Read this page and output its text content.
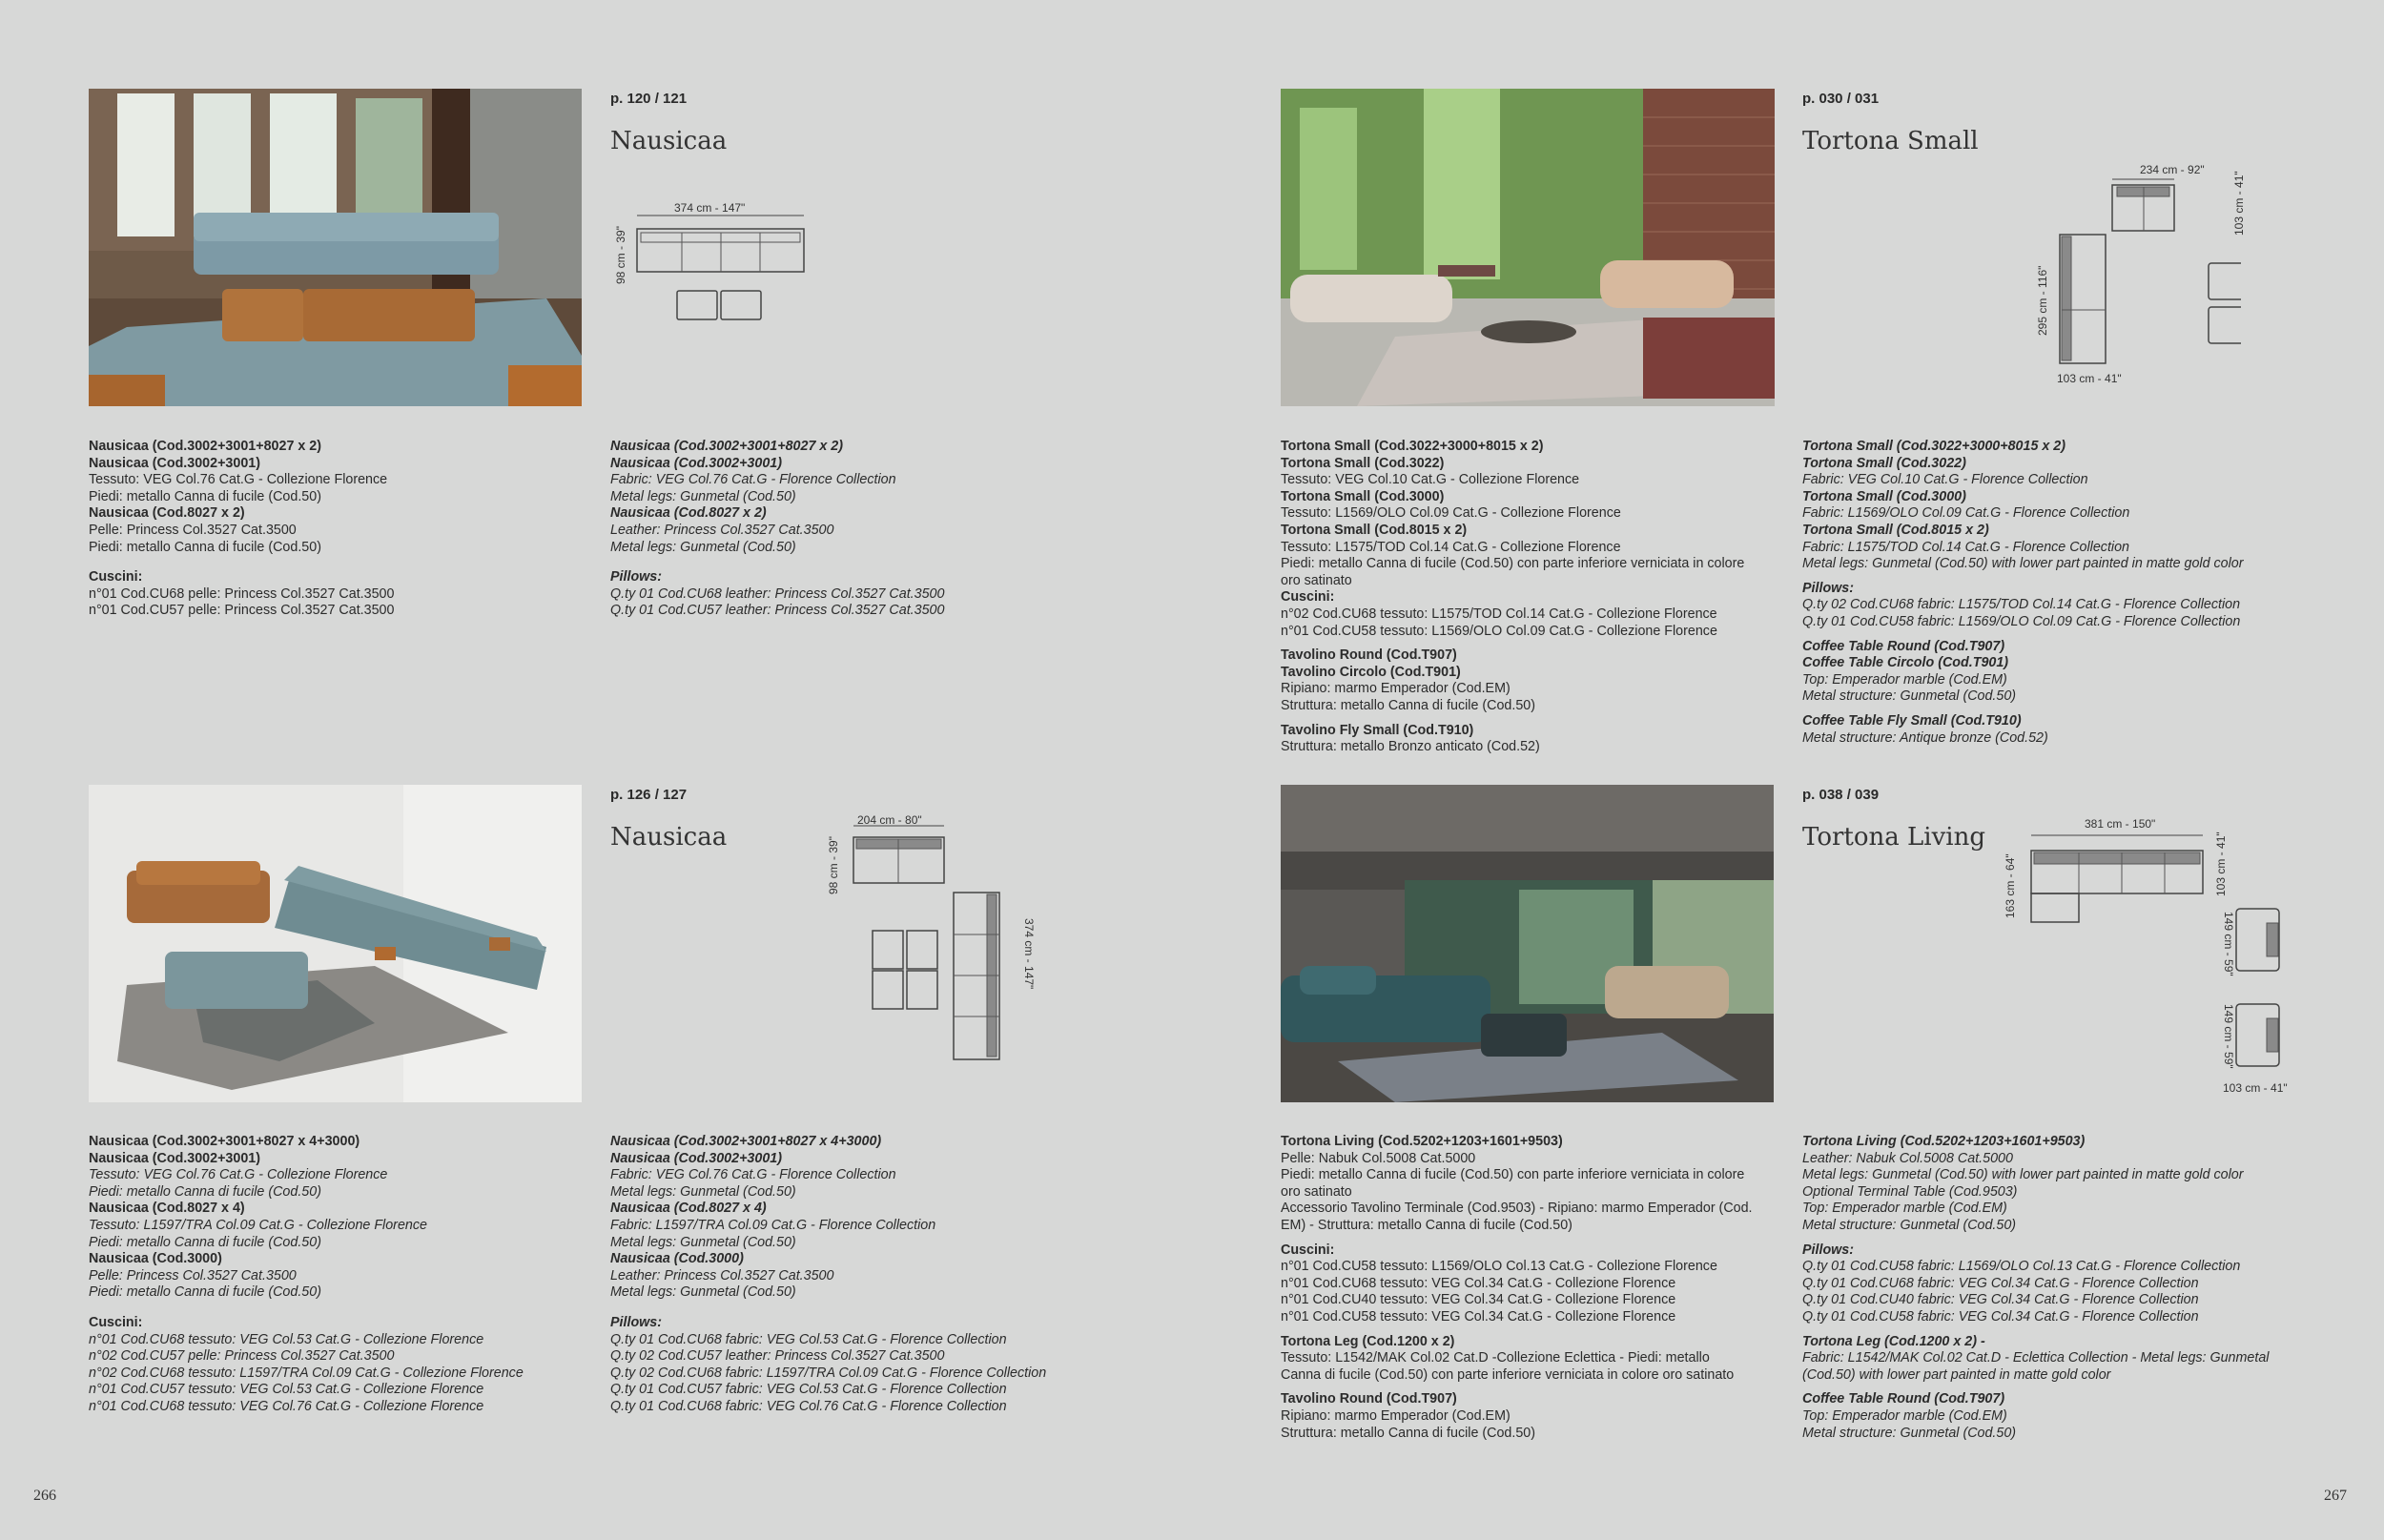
p. 120 / 121
Nausicaa
374 cm - 147"
98 cm - 39"
Nausicaa (Cod.3002+3001+8027 x 2)
Nausicaa (Cod.3002+3001)
Tessuto: VEG Col.76 Cat.G - Collezione Florence
Piedi: metallo Canna di fucile (Cod.50)
Nausicaa (Cod.8027 x 2)
Pelle: Princess Col.3527 Cat.3500
Piedi: metallo Canna di fucile (Cod.50)
Cuscini:
n°01 Cod.CU68 pelle: Princess Col.3527 Cat.3500
n°01 Cod.CU57 pelle: Princess Col.3527 Cat.3500
Nausicaa (Cod.3002+3001+8027 x 2)
Nausicaa (Cod.3002+3001)
Fabric: VEG Col.76 Cat.G - Florence Collection
Metal legs: Gunmetal (Cod.50)
Nausicaa (Cod.8027 x 2)
Leather: Princess Col.3527 Cat.3500
Metal legs: Gunmetal (Cod.50)
Pillows:
Q.ty 01 Cod.CU68 leather: Princess Col.3527 Cat.3500
Q.ty 01 Cod.CU57 leather: Princess Col.3527 Cat.3500
p. 030 / 031
Tortona Small
234 cm - 92"
103 cm - 41"
295 cm - 116"
103 cm - 41"
Tortona Small (Cod.3022+3000+8015 x 2)
Tortona Small (Cod.3022)
Tessuto: VEG Col.10 Cat.G - Collezione Florence
Tortona Small (Cod.3000)
Tessuto: L1569/OLO Col.09 Cat.G - Collezione Florence
Tortona Small (Cod.8015 x 2)
Tessuto: L1575/TOD Col.14 Cat.G - Collezione Florence
Piedi: metallo Canna di fucile (Cod.50) con parte inferiore verniciata in colore
oro satinato
Cuscini:
n°02 Cod.CU68 tessuto: L1575/TOD Col.14 Cat.G - Collezione Florence
n°01 Cod.CU58 tessuto: L1569/OLO Col.09 Cat.G - Collezione Florence
Tavolino Round (Cod.T907)
Tavolino Circolo (Cod.T901)
Ripiano: marmo Emperador (Cod.EM)
Struttura: metallo Canna di fucile (Cod.50)
Tavolino Fly Small (Cod.T910)
Struttura: metallo Bronzo anticato (Cod.52)
Tortona Small (Cod.3022+3000+8015 x 2)
Tortona Small (Cod.3022)
Fabric: VEG Col.10 Cat.G - Florence Collection
Tortona Small (Cod.3000)
Fabric: L1569/OLO Col.09 Cat.G - Florence Collection
Tortona Small (Cod.8015 x 2)
Fabric: L1575/TOD Col.14 Cat.G - Florence Collection
Metal legs: Gunmetal (Cod.50) with lower part painted in matte gold color
Pillows:
Q.ty 02 Cod.CU68 fabric: L1575/TOD Col.14 Cat.G - Florence Collection
Q.ty 01 Cod.CU58 fabric: L1569/OLO Col.09 Cat.G - Florence Collection
Coffee Table Round (Cod.T907)
Coffee Table Circolo (Cod.T901)
Top: Emperador marble (Cod.EM)
Metal structure: Gunmetal (Cod.50)
Coffee Table Fly Small (Cod.T910)
Metal structure: Antique bronze (Cod.52)
p. 126 / 127
Nausicaa
204 cm - 80"
98 cm - 39"
374 cm - 147"
Nausicaa (Cod.3002+3001+8027 x 4+3000)
Nausicaa (Cod.3002+3001)
Tessuto: VEG Col.76 Cat.G - Collezione Florence
Piedi: metallo Canna di fucile (Cod.50)
Nausicaa (Cod.8027 x 4)
Tessuto: L1597/TRA Col.09 Cat.G - Collezione Florence
Piedi: metallo Canna di fucile (Cod.50)
Nausicaa (Cod.3000)
Pelle: Princess Col.3527 Cat.3500
Piedi: metallo Canna di fucile (Cod.50)
Cuscini:
n°01 Cod.CU68 tessuto: VEG Col.53 Cat.G - Collezione Florence
n°02 Cod.CU57 pelle: Princess Col.3527 Cat.3500
n°02 Cod.CU68 tessuto: L1597/TRA Col.09 Cat.G - Collezione Florence
n°01 Cod.CU57 tessuto: VEG Col.53 Cat.G - Collezione Florence
n°01 Cod.CU68 tessuto: VEG Col.76 Cat.G - Collezione Florence
Nausicaa (Cod.3002+3001+8027 x 4+3000)
Nausicaa (Cod.3002+3001)
Fabric: VEG Col.76 Cat.G - Florence Collection
Metal legs: Gunmetal (Cod.50)
Nausicaa (Cod.8027 x 4)
Fabric: L1597/TRA Col.09 Cat.G - Florence Collection
Metal legs: Gunmetal (Cod.50)
Nausicaa (Cod.3000)
Leather: Princess Col.3527 Cat.3500
Metal legs: Gunmetal (Cod.50)
Pillows:
Q.ty 01 Cod.CU68 fabric: VEG Col.53 Cat.G - Florence Collection
Q.ty 02 Cod.CU57 leather: Princess Col.3527 Cat.3500
Q.ty 02 Cod.CU68 fabric: L1597/TRA Col.09 Cat.G - Florence Collection
Q.ty 01 Cod.CU57 fabric: VEG Col.53 Cat.G - Florence Collection
Q.ty 01 Cod.CU68 fabric: VEG Col.76 Cat.G - Florence Collection
p. 038 / 039
Tortona Living	381 cm - 150"
103 cm - 41"
163 cm - 64"
149 cm - 59"
149 cm - 59"
103 cm - 41"
Tortona Living (Cod.5202+1203+1601+9503)
Pelle: Nabuk Col.5008 Cat.5000
Piedi: metallo Canna di fucile (Cod.50) con parte inferiore verniciata in colore
oro satinato
Accessorio Tavolino Terminale (Cod.9503) - Ripiano: marmo Emperador (Cod.
EM) - Struttura: metallo Canna di fucile (Cod.50)
Cuscini:
n°01 Cod.CU58 tessuto: L1569/OLO Col.13 Cat.G - Collezione Florence
n°01 Cod.CU68 tessuto: VEG Col.34 Cat.G - Collezione Florence
n°01 Cod.CU40 tessuto: VEG Col.34 Cat.G - Collezione Florence
n°01 Cod.CU58 tessuto: VEG Col.34 Cat.G - Collezione Florence
Tortona Leg (Cod.1200 x 2)
Tessuto: L1542/MAK Col.02 Cat.D -Collezione Eclettica - Piedi: metallo
Canna di fucile (Cod.50) con parte inferiore verniciata in colore oro satinato
Tavolino Round (Cod.T907)
Ripiano: marmo Emperador (Cod.EM)
Struttura: metallo Canna di fucile (Cod.50)
Tortona Living (Cod.5202+1203+1601+9503)
Leather: Nabuk Col.5008 Cat.5000
Metal legs: Gunmetal (Cod.50) with lower part painted in matte gold color
Optional Terminal Table (Cod.9503)
Top: Emperador marble (Cod.EM)
Metal structure: Gunmetal (Cod.50)
Pillows:
Q.ty 01 Cod.CU58 fabric: L1569/OLO Col.13 Cat.G - Florence Collection
Q.ty 01 Cod.CU68 fabric: VEG Col.34 Cat.G - Florence Collection
Q.ty 01 Cod.CU40 fabric: VEG Col.34 Cat.G - Florence Collection
Q.ty 01 Cod.CU58 fabric: VEG Col.34 Cat.G - Florence Collection
Tortona Leg (Cod.1200 x 2) -
Fabric: L1542/MAK Col.02 Cat.D - Eclettica Collection - Metal legs: Gunmetal
(Cod.50) with lower part painted in matte gold color
Coffee Table Round (Cod.T907)
Top: Emperador marble (Cod.EM)
Metal structure: Gunmetal (Cod.50)
266	267
